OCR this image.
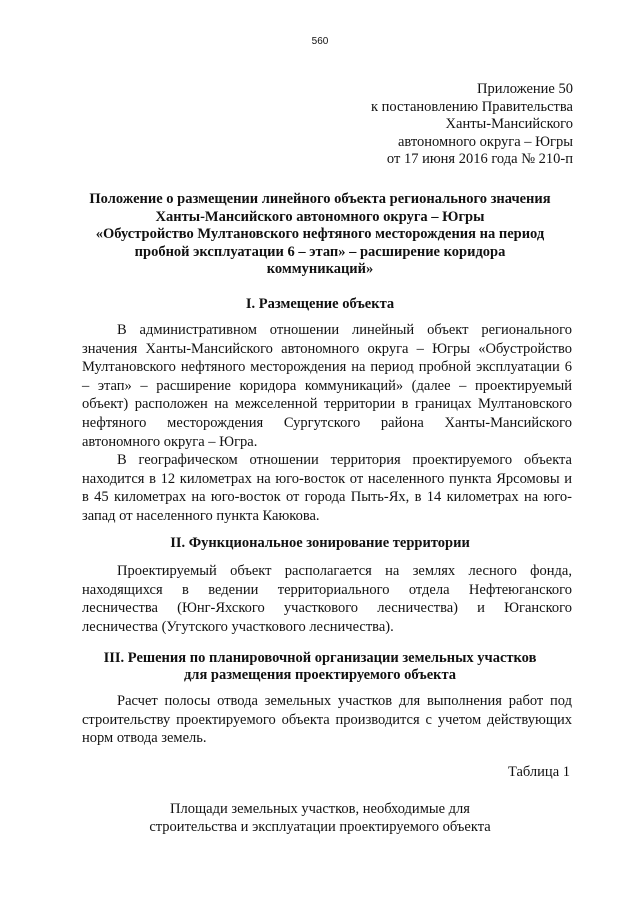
560
Приложение 50
к постановлению Правительства
Ханты-Мансийского
автономного округа – Югры
от 17 июня 2016 года № 210-п
Положение о размещении линейного объекта регионального значения
Ханты-Мансийского автономного округа – Югры
«Обустройство Мултановского нефтяного месторождения на период
пробной эксплуатации 6 – этап» – расширение коридора
коммуникаций»
I. Размещение объекта

В административном отношении линейный объект регионального значения Ханты-Мансийского автономного округа – Югры «Обустройство Мултановского нефтяного месторождения на период пробной эксплуатации 6 – этап» – расширение коридора коммуникаций» (далее – проектируемый объект) расположен на межселенной территории в границах Мултановского нефтяного месторождения Сургутского района Ханты-Мансийского автономного округа – Югра.

В географическом отношении территория проектируемого объекта находится в 12 километрах на юго-восток от населенного пункта Ярсомовы и в 45 километрах на юго-восток от города Пыть-Ях, в 14 километрах на юго-запад от населенного пункта Каюкова.

II. Функциональное зонирование территории

Проектируемый объект располагается на землях лесного фонда, находящихся в ведении территориального отдела Нефтеюганского лесничества (Юнг-Яхского участкового лесничества) и Юганского лесничества (Угутского участкового лесничества).

III. Решения по планировочной организации земельных участков
для размещения проектируемого объекта

Расчет полосы отвода земельных участков для выполнения работ под строительству проектируемого объекта производится с учетом действующих норм отвода земель.

Таблица 1
Площади земельных участков, необходимые для
строительства и эксплуатации проектируемого объекта
